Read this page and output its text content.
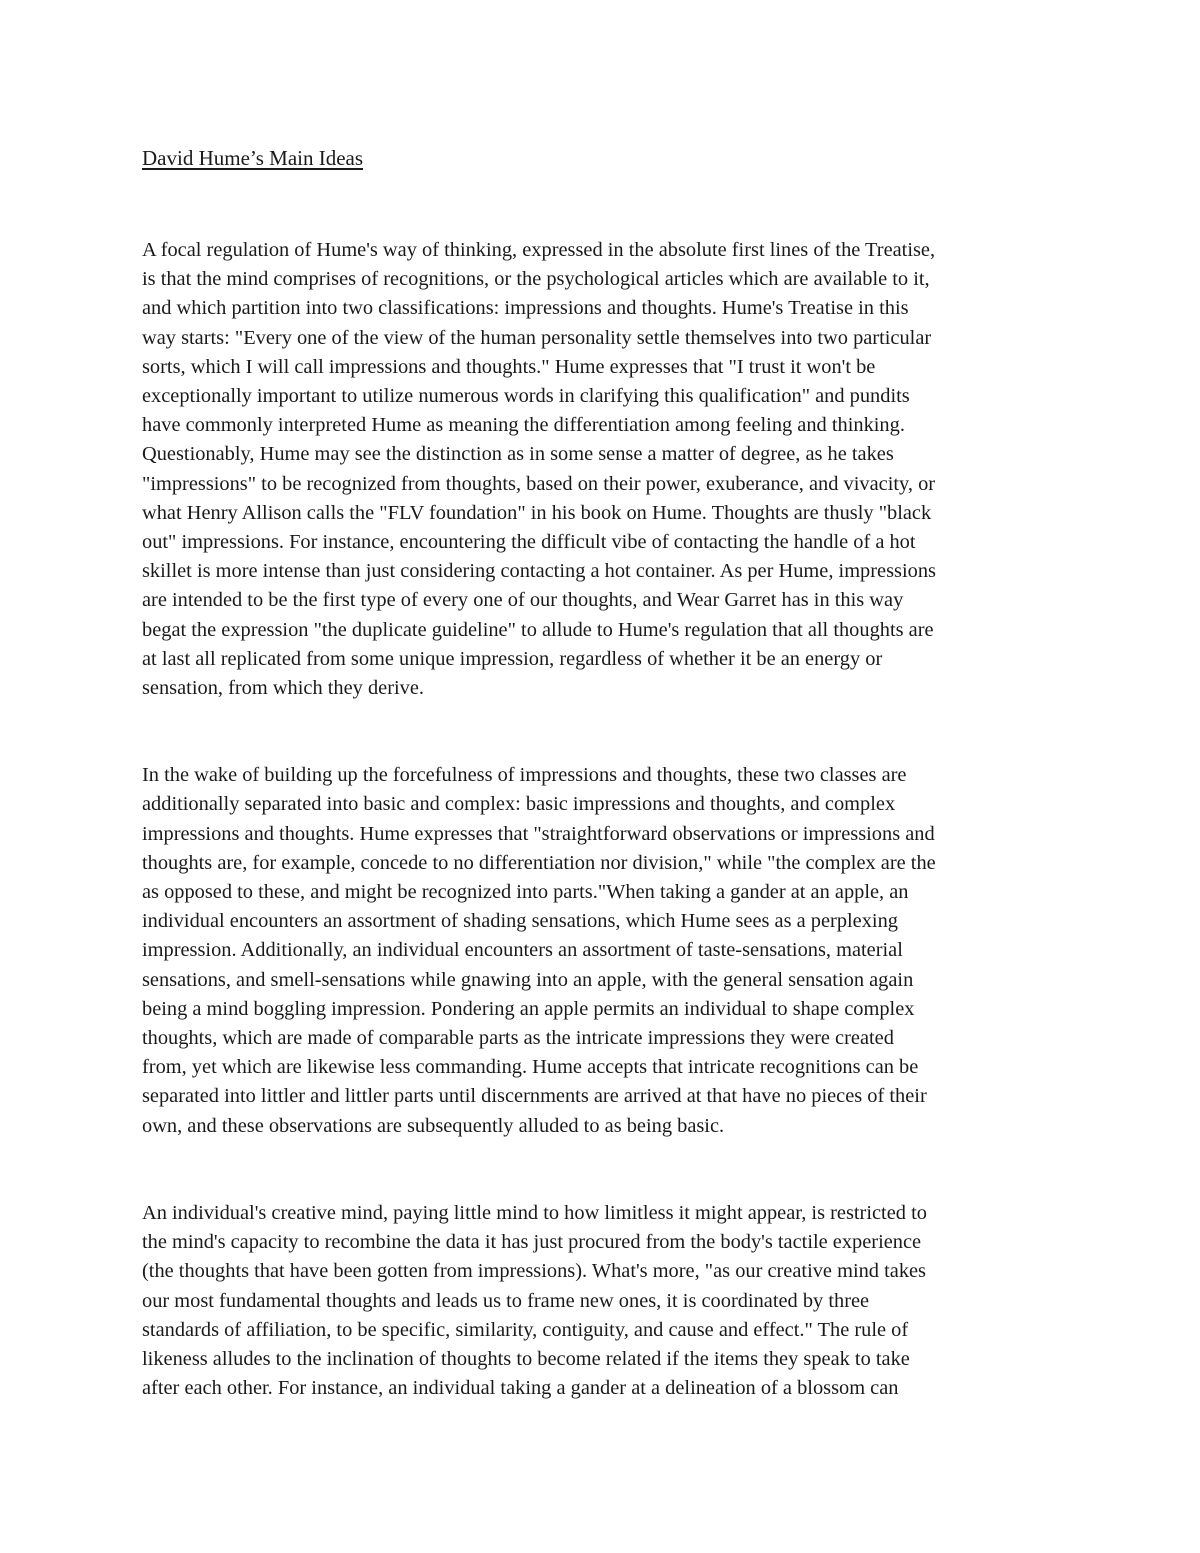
David Hume’s Main Ideas
A focal regulation of Hume's way of thinking, expressed in the absolute first lines of the Treatise,
is that the mind comprises of recognitions, or the psychological articles which are available to it,
and which partition into two classifications: impressions and thoughts. Hume's Treatise in this
way starts: "Every one of the view of the human personality settle themselves into two particular
sorts, which I will call impressions and thoughts." Hume expresses that "I trust it won't be
exceptionally important to utilize numerous words in clarifying this qualification" and pundits
have commonly interpreted Hume as meaning the differentiation among feeling and thinking.
Questionably, Hume may see the distinction as in some sense a matter of degree, as he takes
"impressions" to be recognized from thoughts, based on their power, exuberance, and vivacity, or
what Henry Allison calls the "FLV foundation" in his book on Hume. Thoughts are thusly "black
out" impressions. For instance, encountering the difficult vibe of contacting the handle of a hot
skillet is more intense than just considering contacting a hot container. As per Hume, impressions
are intended to be the first type of every one of our thoughts, and Wear Garret has in this way
begat the expression "the duplicate guideline" to allude to Hume's regulation that all thoughts are
at last all replicated from some unique impression, regardless of whether it be an energy or
sensation, from which they derive.
In the wake of building up the forcefulness of impressions and thoughts, these two classes are
additionally separated into basic and complex: basic impressions and thoughts, and complex
impressions and thoughts. Hume expresses that "straightforward observations or impressions and
thoughts are, for example, concede to no differentiation nor division," while "the complex are the
as opposed to these, and might be recognized into parts."When taking a gander at an apple, an
individual encounters an assortment of shading sensations, which Hume sees as a perplexing
impression. Additionally, an individual encounters an assortment of taste-sensations, material
sensations, and smell-sensations while gnawing into an apple, with the general sensation again
being a mind boggling impression. Pondering an apple permits an individual to shape complex
thoughts, which are made of comparable parts as the intricate impressions they were created
from, yet which are likewise less commanding. Hume accepts that intricate recognitions can be
separated into littler and littler parts until discernments are arrived at that have no pieces of their
own, and these observations are subsequently alluded to as being basic.
An individual's creative mind, paying little mind to how limitless it might appear, is restricted to
the mind's capacity to recombine the data it has just procured from the body's tactile experience
(the thoughts that have been gotten from impressions). What's more, "as our creative mind takes
our most fundamental thoughts and leads us to frame new ones, it is coordinated by three
standards of affiliation, to be specific, similarity, contiguity, and cause and effect." The rule of
likeness alludes to the inclination of thoughts to become related if the items they speak to take
after each other. For instance, an individual taking a gander at a delineation of a blossom can
